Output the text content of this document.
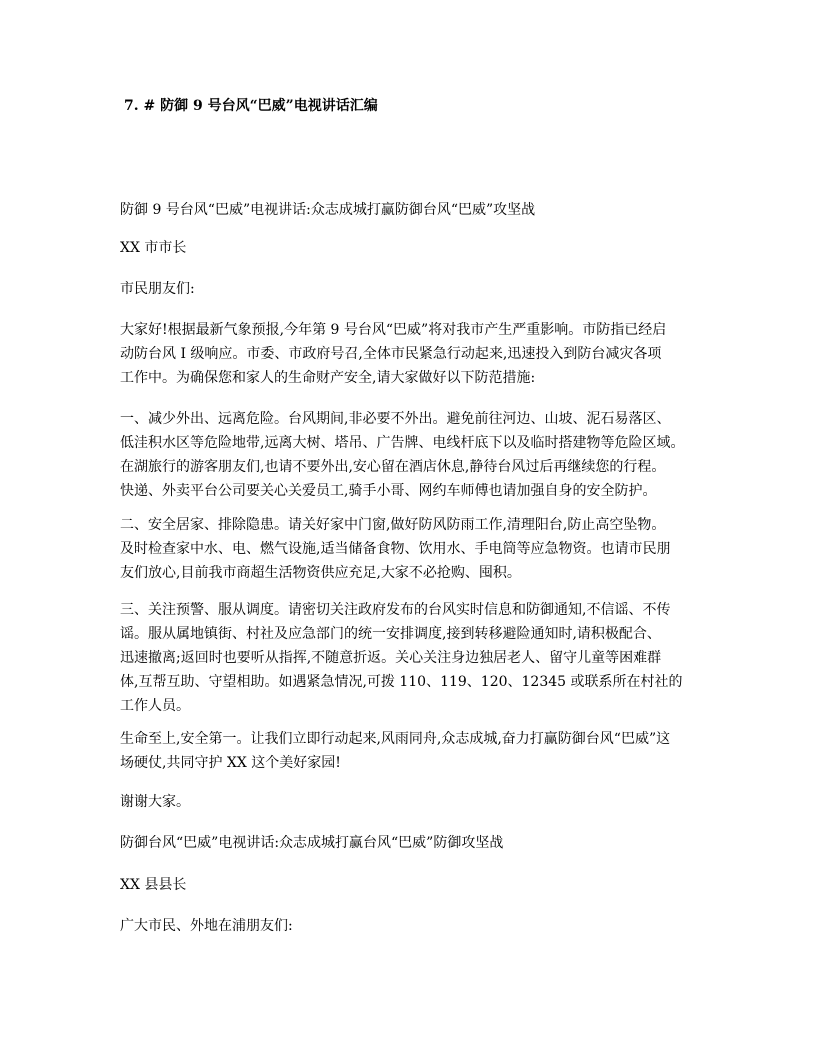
7. # 防御 9 号台风“巴威”电视讲话汇编

防御 9 号台风“巴威”电视讲话:众志成城打赢防御台风“巴威”攻坚战

XX 市市长

市民朋友们:

大家好!根据最新气象预报,今年第 9 号台风“巴威”将对我市产生严重影响。市防指已经启
动防台风 I 级响应。市委、市政府号召,全体市民紧急行动起来,迅速投入到防台减灾各项
工作中。为确保您和家人的生命财产安全,请大家做好以下防范措施:

一、减少外出、远离危险。台风期间,非必要不外出。避免前往河边、山坡、泥石易落区、
低洼积水区等危险地带,远离大树、塔吊、广告牌、电线杆底下以及临时搭建物等危险区域。
在湖旅行的游客朋友们,也请不要外出,安心留在酒店休息,静待台风过后再继续您的行程。
快递、外卖平台公司要关心关爱员工,骑手小哥、网约车师傅也请加强自身的安全防护。

二、安全居家、排除隐患。请关好家中门窗,做好防风防雨工作,清理阳台,防止高空坠物。
及时检查家中水、电、燃气设施,适当储备食物、饮用水、手电筒等应急物资。也请市民朋
友们放心,目前我市商超生活物资供应充足,大家不必抢购、囤积。

三、关注预警、服从调度。请密切关注政府发布的台风实时信息和防御通知,不信谣、不传
谣。服从属地镇街、村社及应急部门的统一安排调度,接到转移避险通知时,请积极配合、
迅速撤离;返回时也要听从指挥,不随意折返。关心关注身边独居老人、留守儿童等困难群
体,互帮互助、守望相助。如遇紧急情况,可拨 110、119、120、12345 或联系所在村社的
工作人员。

生命至上,安全第一。让我们立即行动起来,风雨同舟,众志成城,奋力打赢防御台风“巴威”这
场硬仗,共同守护 XX 这个美好家园!

谢谢大家。

防御台风“巴威”电视讲话:众志成城打赢台风“巴威”防御攻坚战

XX 县县长

广大市民、外地在浦朋友们:
